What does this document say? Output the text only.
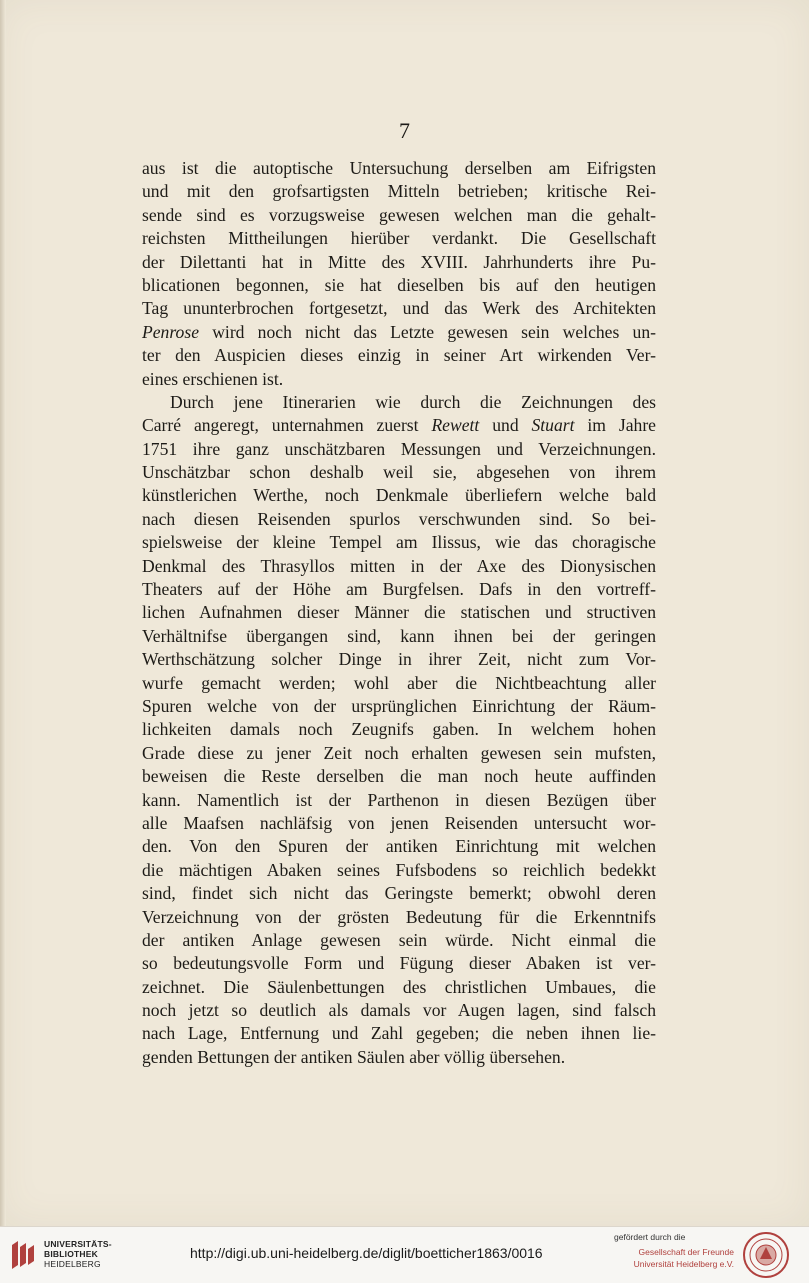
7
aus ist die autoptische Untersuchung derselben am Eifrigsten
und mit den grofsartigsten Mitteln betrieben; kritische Rei-
sende sind es vorzugsweise gewesen welchen man die gehalt-
reichsten Mittheilungen hierüber verdankt. Die Gesellschaft
der Dilettanti hat in Mitte des XVIII. Jahrhunderts ihre Pu-
blicationen begonnen, sie hat dieselben bis auf den heutigen
Tag ununterbrochen fortgesetzt, und das Werk des Architekten
Penrose wird noch nicht das Letzte gewesen sein welches un-
ter den Auspicien dieses einzig in seiner Art wirkenden Ver-
eines erschienen ist.
Durch jene Itinerarien wie durch die Zeichnungen des
Carré angeregt, unternahmen zuerst Rewett und Stuart im Jahre
1751 ihre ganz unschätzbaren Messungen und Verzeichnungen.
Unschätzbar schon deshalb weil sie, abgesehen von ihrem
künstlerichen Werthe, noch Denkmale überliefern welche bald
nach diesen Reisenden spurlos verschwunden sind. So bei-
spielsweise der kleine Tempel am Ilissus, wie das choragische
Denkmal des Thrasyllos mitten in der Axe des Dionysischen
Theaters auf der Höhe am Burgfelsen. Dafs in den vortreff-
lichen Aufnahmen dieser Männer die statischen und structiven
Verhältnifse übergangen sind, kann ihnen bei der geringen
Werthschätzung solcher Dinge in ihrer Zeit, nicht zum Vor-
wurfe gemacht werden; wohl aber die Nichtbeachtung aller
Spuren welche von der ursprünglichen Einrichtung der Räum-
lichkeiten damals noch Zeugnifs gaben. In welchem hohen
Grade diese zu jener Zeit noch erhalten gewesen sein mufsten,
beweisen die Reste derselben die man noch heute auffinden
kann. Namentlich ist der Parthenon in diesen Bezügen über
alle Maafsen nachläfsig von jenen Reisenden untersucht wor-
den. Von den Spuren der antiken Einrichtung mit welchen
die mächtigen Abaken seines Fufsbodens so reichlich bedekkt
sind, findet sich nicht das Geringste bemerkt; obwohl deren
Verzeichnung von der grösten Bedeutung für die Erkenntnifs
der antiken Anlage gewesen sein würde. Nicht einmal die
so bedeutungsvolle Form und Fügung dieser Abaken ist ver-
zeichnet. Die Säulenbettungen des christlichen Umbaues, die
noch jetzt so deutlich als damals vor Augen lagen, sind falsch
nach Lage, Entfernung und Zahl gegeben; die neben ihnen lie-
genden Bettungen der antiken Säulen aber völlig übersehen.
UNIVERSITÄTS-
BIBLIOTHEK
HEIDELBERG
http://digi.ub.uni-heidelberg.de/diglit/boetticher1863/0016
gefördert durch die
Gesellschaft der Freunde
Universität Heidelberg e.V.
